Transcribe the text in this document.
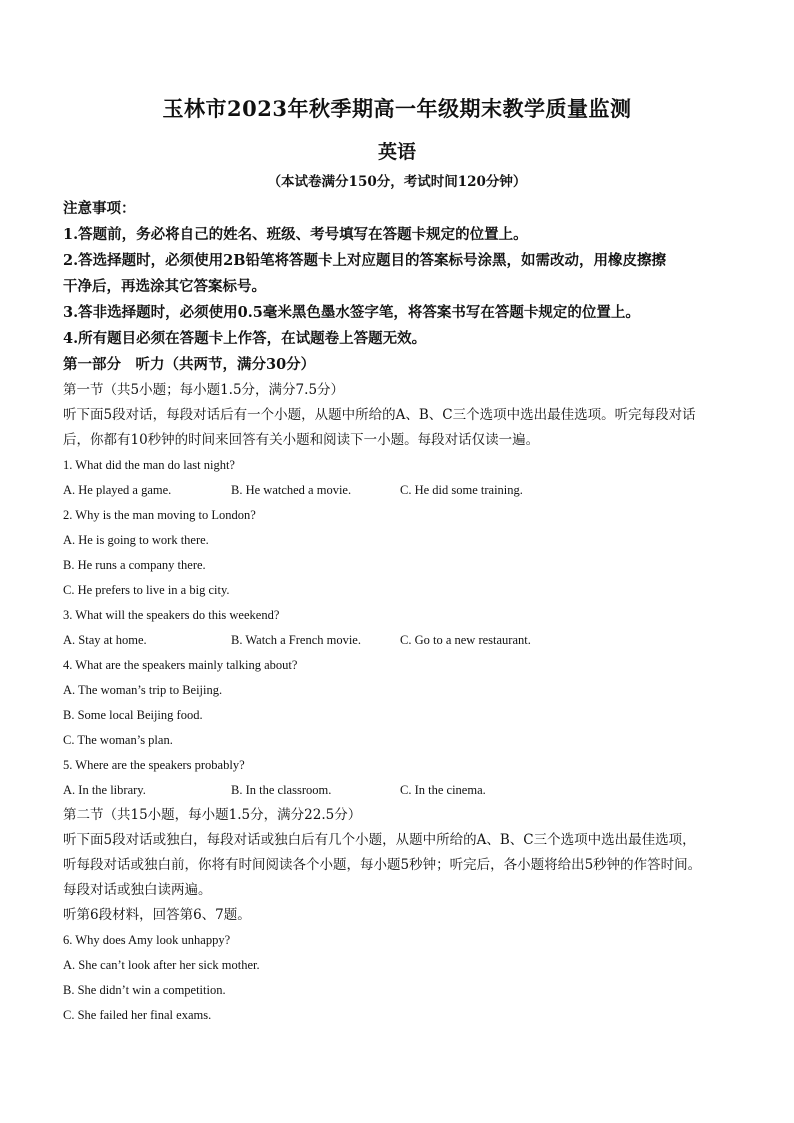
玉林市2023年秋季期高一年级期末教学质量监测
英语
（本试卷满分150分，考试时间120分钟）

注意事项：

1.答题前，务必将自己的姓名、班级、考号填写在答题卡规定的位置上。

2.答选择题时，必须使用2B铅笔将答题卡上对应题目的答案标号涂黑，如需改动，用橡皮擦擦

干净后，再选涂其它答案标号。

3.答非选择题时，必须使用0.5毫米黑色墨水签字笔，将答案书写在答题卡规定的位置上。

4.所有题目必须在答题卡上作答，在试题卷上答题无效。

第一部分　听力（共两节，满分30分）

第一节（共5小题；每小题1.5分，满分7.5分）

听下面5段对话，每段对话后有一个小题，从题中所给的A、B、C三个选项中选出最佳选项。听完每段对话

后，你都有10秒钟的时间来回答有关小题和阅读下一小题。每段对话仅读一遍。

1. What did the man do last night?

A. He played a game.	B. He watched a movie.	C. He did some training.

2. Why is the man moving to London?

A. He is going to work there.

B. He runs a company there.

C. He prefers to live in a big city.

3. What will the speakers do this weekend?

A. Stay at home.	B. Watch a French movie.	C. Go to a new restaurant.

4. What are the speakers mainly talking about?

A. The woman’s trip to Beijing.

B. Some local Beijing food.

C. The woman’s plan.

5. Where are the speakers probably?

A. In the library.	B. In the classroom.	C. In the cinema.

第二节（共15小题，每小题1.5分，满分22.5分）

听下面5段对话或独白，每段对话或独白后有几个小题，从题中所给的A、B、C三个选项中选出最佳选项，

听每段对话或独白前，你将有时间阅读各个小题，每小题5秒钟；听完后，各小题将给出5秒钟的作答时间。

每段对话或独白读两遍。

听第6段材料，回答第6、7题。

6. Why does Amy look unhappy?

A. She can’t look after her sick mother.

B. She didn’t win a competition.

C. She failed her final exams.
